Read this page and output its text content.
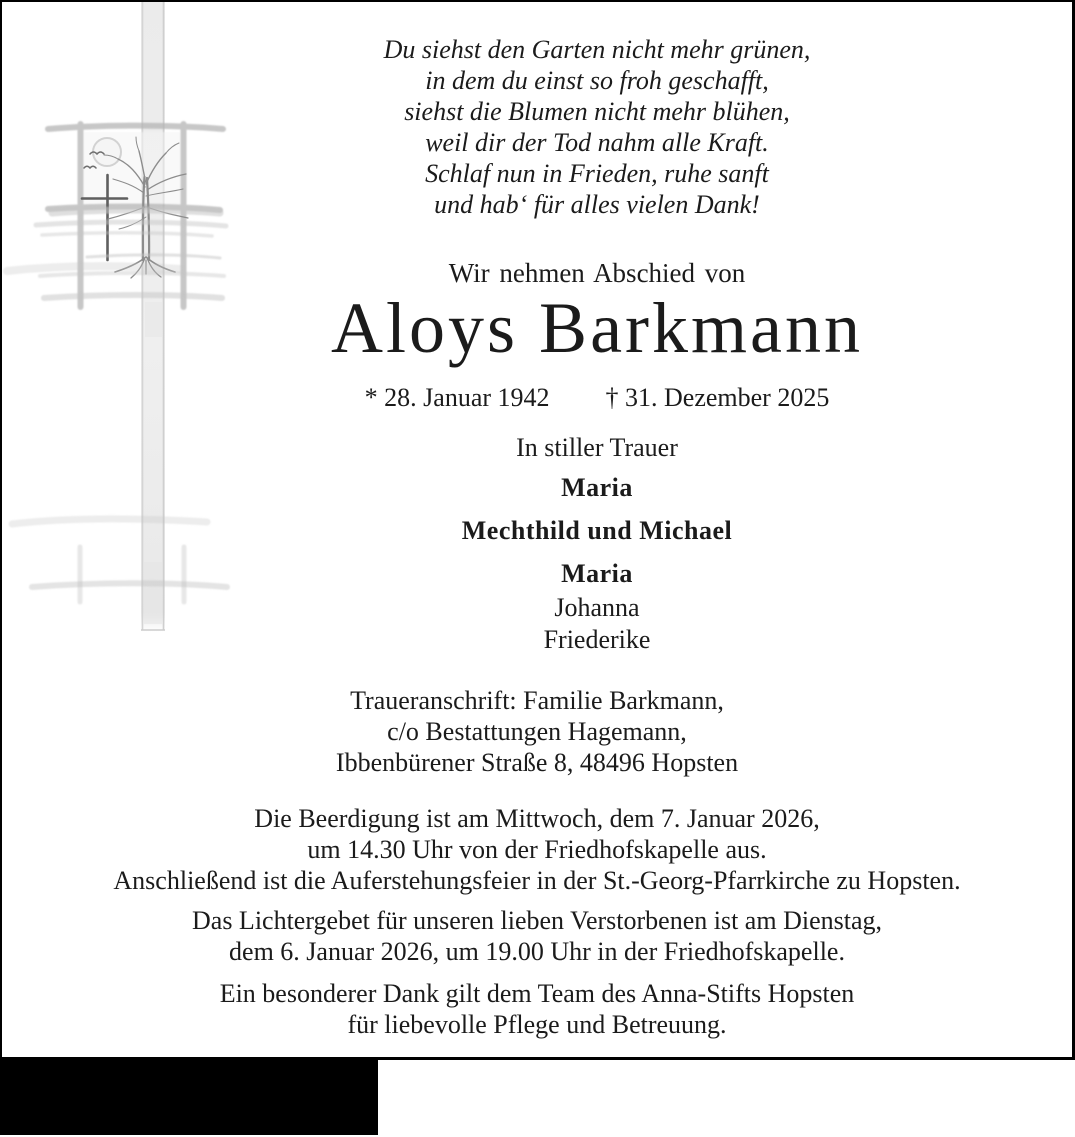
Du siehst den Garten nicht mehr grünen,
in dem du einst so froh geschafft,
siehst die Blumen nicht mehr blühen,
weil dir der Tod nahm alle Kraft.
Schlaf nun in Frieden, ruhe sanft
und hab‘ für alles vielen Dank!
Wir nehmen Abschied von
Aloys Barkmann
* 28. Januar 1942 † 31. Dezember 2025
In stiller Trauer
Maria
Mechthild und Michael
Maria
Johanna
Friederike
Traueranschrift: Familie Barkmann,
c/o Bestattungen Hagemann,
Ibbenbürener Straße 8, 48496 Hopsten

Die Beerdigung ist am Mittwoch, dem 7. Januar 2026,
um 14.30 Uhr von der Friedhofskapelle aus.
Anschließend ist die Auferstehungsfeier in der St.-Georg-Pfarrkirche zu Hopsten.

Das Lichtergebet für unseren lieben Verstorbenen ist am Dienstag,
dem 6. Januar 2026, um 19.00 Uhr in der Friedhofskapelle.

Ein besonderer Dank gilt dem Team des Anna-Stifts Hopsten
für liebevolle Pflege und Betreuung.
